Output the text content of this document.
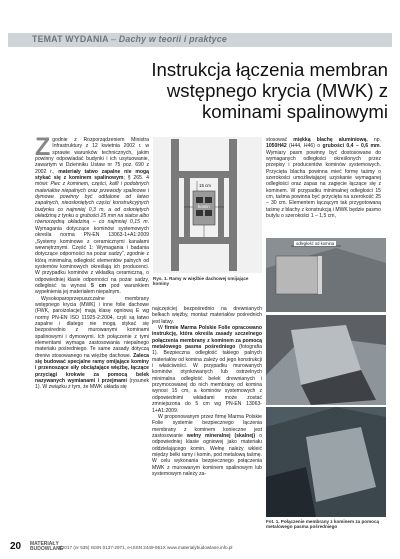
TEMAT WYDANIA – Dachy w teorii i praktyce
Instrukcja łączenia membran wstępnego krycia (MWK) z kominami spalinowymi

Zgodnie z Rozporządzeniem Ministra Infrastruktury z 12 kwietnia 2002 r. w sprawie warunków technicznych, jakim powinny odpowiadać budynki i ich usytuowanie, zawartym w Dzienniku Ustaw nr 75 poz. 690 z 2002 r., materiały tatwo zapalne nie mogą stykać się z kominem spalinowym; § 265. 4 mówi: Piec z kominem, części, kafli i podobnych materiałów niepalnych oraz przewody spalinowe i dymowe powinny być oddalone od łatwo zapalnych, nieosłoniętych części konstrukcyjnych budynku co najmniej 0,3 m, a od osłoniętych okładziną z tynku o grubości 25 mm na siatce albo równorzędną okładziną – co najmniej 0,15 m. Wymagania dotyczące kominów systemowych określa norma PN-EN 13063-1+A1:2009 „Systemy kominowe z ceramicznymi kanałami wewnętrznymi. Część 1: Wymagania i badania dotyczące odporności na pożar sadzy”, zgodnie z którą minimalną odległość elementów palnych od systemów kominowych określają ich producenci. W przypadku kominów z wkładką ceramiczną, o odpowiedniej klasie odporności na pożar sadzy, odległość ta wynosi 5 cm pod warunkiem wypełnienia jej materiałem niepalnym.

Wysokoparoprzepuszczalne membrany wstępnego krycia (MWK) i inne folie dachowe (FWK, paroizolacje) mają klasę ogniową E wg normy PN-EN ISO 11925-2:2004, czyli są łatwo zapalne i dlatego nie mogą stykać się bezpośrednio z murowanymi kominami spalinowymi i dymowymi. Ich połączenie z tymi elementami wymaga zastosowania niepalnego materiału pośredniego. Te same zasady dotyczą dreniw stosowanego na więźbę dachowe. Zaleca się budować specjalne ramy omijające kominy i przenoszące siły obciążające więźbę, łączące przyciągi krokwie za pomocą belek nazywanych wymianami i przejmami (rysunek 1). W związku z tym, że MWK układa się

15 cm
komin
Rys. 1. Ramy w więźbie dachowej omijające kominy

najczęściej bezpośrednio na drewnianych belkach więźby, montaż materiałów pośrednich jest łatwy.

W firmie Marma Polskie Folie opracowano instrukcję, która określa zasady szczelnego połączenia membrany z kominem za pomocą metalowego pasma pośredniego (fotografia 1). Bezpieczna odległość takiego palnych materiałów od komina zależy od jego konstrukcji i właściwości. W przypadku murowanych kominów otynkowanych lub ostrzelnych minimalna odległość belek drewnianych i przymocowanej do nich membrany od komina wynosi 15 cm, a kominów systemowych z odpowiednimi wkładami może zostać zmniejszona do 5 cm wg PN-EN 13063-1+A1:2009.

W proponowanym przez firmę Marma Polskie Folie systemie bezpiecznego łączenia membrany z kominem konieczne jest zastosowanie wełny mineralnej (skalnej) o odpowiedniej klasie ogniowej jako materiału oddzielającego komin. Wełnę należy wkleić między belki ramy i komin, pod metalową taśmę. W celu wykonania bezpiecznego połączenia MWK z murowanym kominem spalinowym lub systemowym należy za-

stosować miękką blachę aluminiową, np. 1050H42 (H44, H46) o grubości 0,4 – 0,6 mm. Wymiary pasm powinny być dostosowane do wymaganych odległości określonych przez przepisy i producentów kominów systemowych. Przycięta blacha powinna mieć formę taśmy o szerokości umożliwiającej uzyskanie wymaganej odległości oraz zapas na zagięcie łączące się z kominem. W przypadku minimalnej odległości 15 cm, taśma powinna być przycięta na szerokość 25 – 30 cm. Elementem łączącym tak przygotowaną taśmę z blachy z konstrukcją i MWK będzie pasmo butylu o szerokości 1 – 1,5 cm,

odległość od komina
Fot. 1. Połączenie membrany z kominem za pomocą metalowego pasma pośredniego
20 MATERIAŁY
BUDOWLANE
3/2017 (nr 535) ISSN 0137-2971, e-ISSN 2449-951X www.materialybudowlane.info.pl
